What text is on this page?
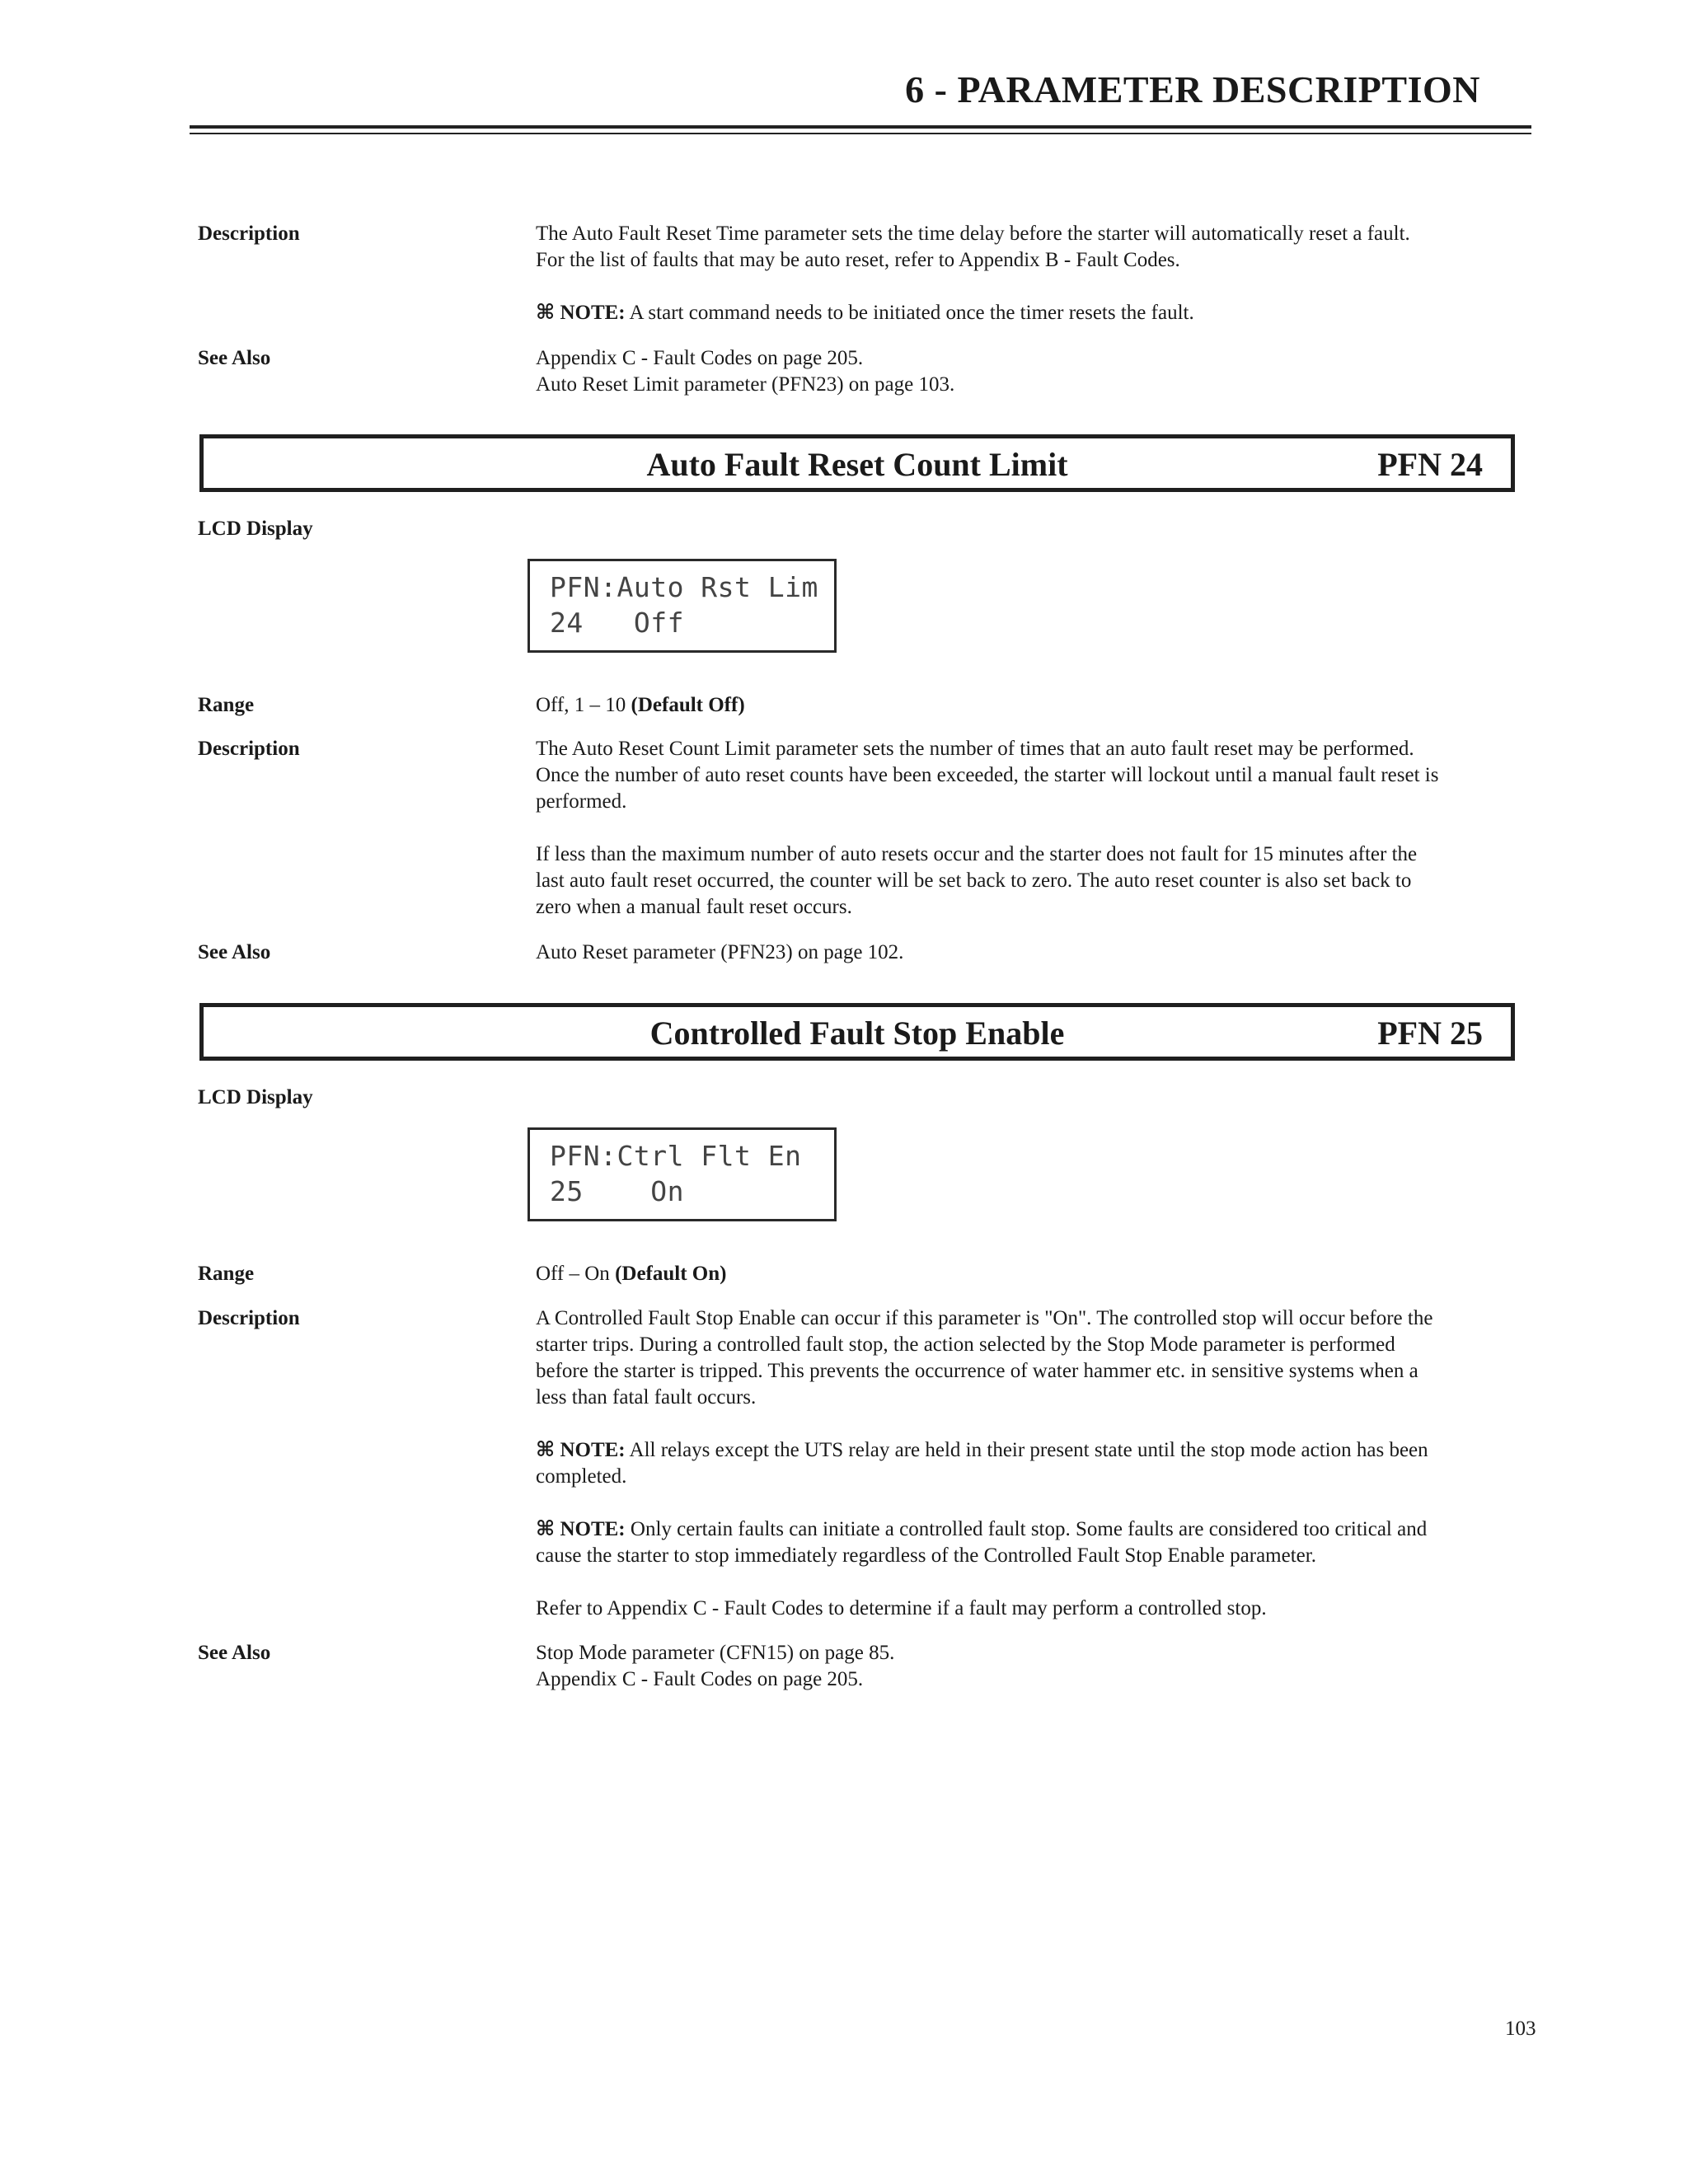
6 - PARAMETER DESCRIPTION
Description	The Auto Fault Reset Time parameter sets the time delay before the starter will automatically reset a fault.

For the list of faults that may be auto reset, refer to Appendix B - Fault Codes.

⌘ NOTE: A start command needs to be initiated once the timer resets the fault.

See Also	Appendix C - Fault Codes on page 205.

Auto Reset Limit parameter (PFN23) on page 103.

Auto Fault Reset Count Limit	PFN 24
LCD Display
PFN:Auto Rst Lim
24   Off
Range	Off, 1 – 10 (Default Off)
Description	The Auto Reset Count Limit parameter sets the number of times that an auto fault reset may be performed.

Once the number of auto reset counts have been exceeded, the starter will lockout until a manual fault reset is

performed.

If less than the maximum number of auto resets occur and the starter does not fault for 15 minutes after the

last auto fault reset occurred, the counter will be set back to zero. The auto reset counter is also set back to

zero when a manual fault reset occurs.

See Also	Auto Reset parameter (PFN23) on page 102.

Controlled Fault Stop Enable	PFN 25
LCD Display
PFN:Ctrl Flt En
25    On
Range	Off – On (Default On)
Description	A Controlled Fault Stop Enable can occur if this parameter is "On". The controlled stop will occur before the

starter trips. During a controlled fault stop, the action selected by the Stop Mode parameter is performed

before the starter is tripped. This prevents the occurrence of water hammer etc. in sensitive systems when a

less than fatal fault occurs.

⌘ NOTE: All relays except the UTS relay are held in their present state until the stop mode action has been

completed.

⌘ NOTE: Only certain faults can initiate a controlled fault stop. Some faults are considered too critical and

cause the starter to stop immediately regardless of the Controlled Fault Stop Enable parameter.

Refer to Appendix C - Fault Codes to determine if a fault may perform a controlled stop.

See Also	Stop Mode parameter (CFN15) on page 85.

Appendix C - Fault Codes on page 205.

103
